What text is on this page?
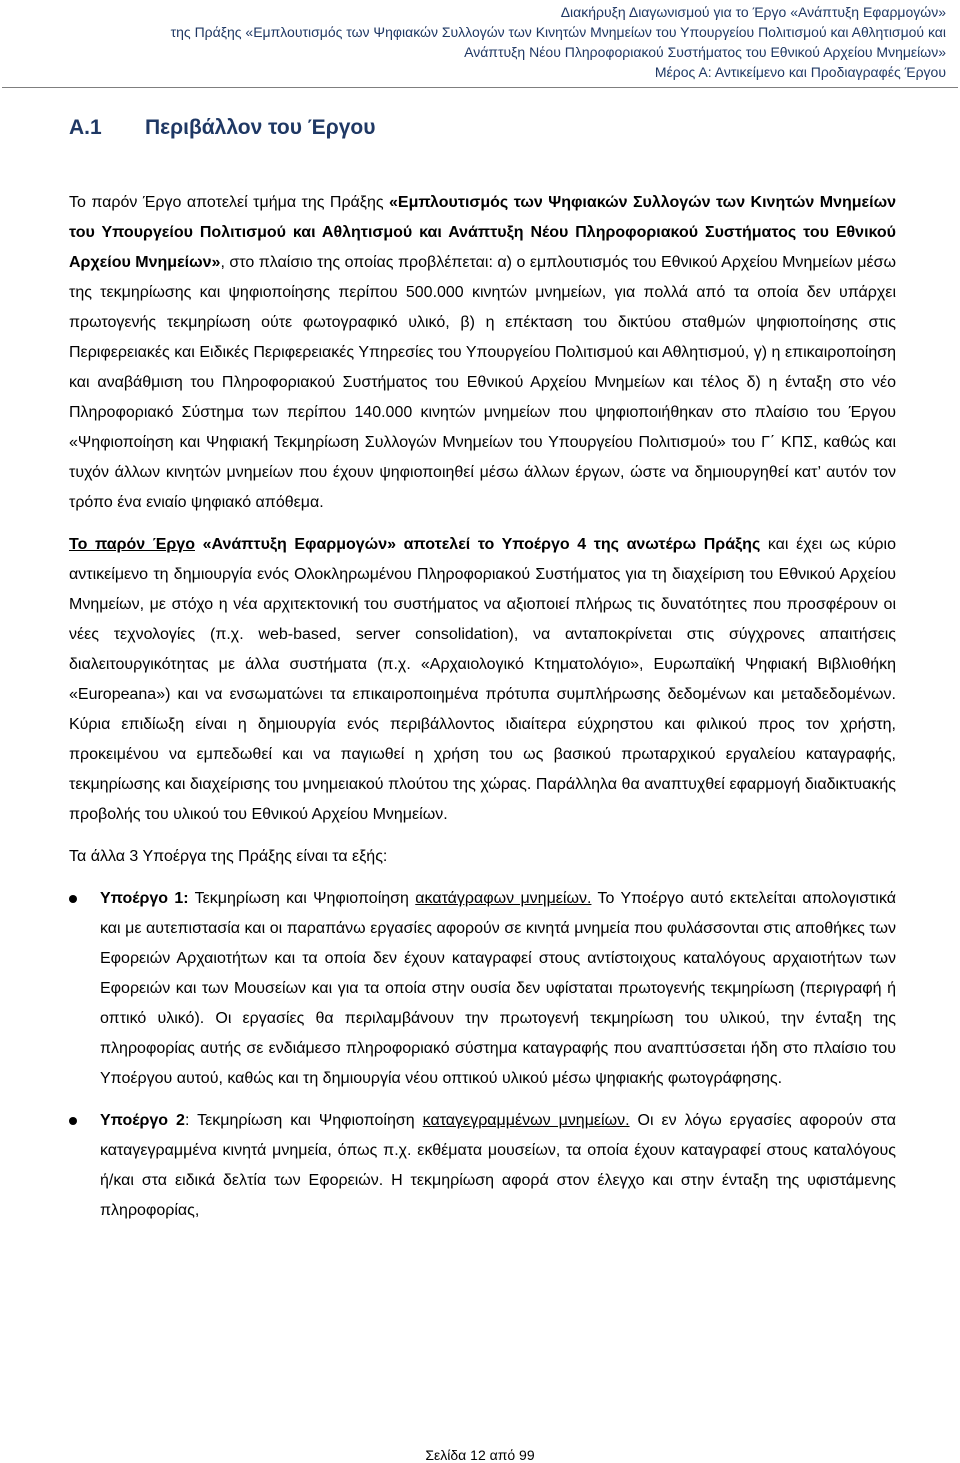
Διακήρυξη Διαγωνισμού για το Έργο «Ανάπτυξη Εφαρμογών»
της Πράξης «Εμπλουτισμός των Ψηφιακών Συλλογών των Κινητών Μνημείων του Υπουργείου Πολιτισμού και Αθλητισμού και
Ανάπτυξη Νέου Πληροφοριακού Συστήματος του Εθνικού Αρχείου Μνημείων»
Μέρος Α: Αντικείμενο και Προδιαγραφές Έργου
Α.1 Περιβάλλον του Έργου

Το παρόν Έργο αποτελεί τμήμα της Πράξης «Εμπλουτισμός των Ψηφιακών Συλλογών των Κινητών Μνημείων του Υπουργείου Πολιτισμού και Αθλητισμού και Ανάπτυξη Νέου Πληροφοριακού Συστήματος του Εθνικού Αρχείου Μνημείων», στο πλαίσιο της οποίας προβλέπεται: α) ο εμπλουτισμός του Εθνικού Αρχείου Μνημείων μέσω της τεκμηρίωσης και ψηφιοποίησης περίπου 500.000 κινητών μνημείων, για πολλά από τα οποία δεν υπάρχει πρωτογενής τεκμηρίωση ούτε φωτογραφικό υλικό, β) η επέκταση του δικτύου σταθμών ψηφιοποίησης στις Περιφερειακές και Ειδικές Περιφερειακές Υπηρεσίες του Υπουργείου Πολιτισμού και Αθλητισμού, γ) η επικαιροποίηση και αναβάθμιση του Πληροφοριακού Συστήματος του Εθνικού Αρχείου Μνημείων και τέλος δ) η ένταξη στο νέο Πληροφοριακό Σύστημα των περίπου 140.000 κινητών μνημείων που ψηφιοποιήθηκαν στο πλαίσιο του Έργου «Ψηφιοποίηση και Ψηφιακή Τεκμηρίωση Συλλογών Μνημείων του Υπουργείου Πολιτισμού» του Γ΄ ΚΠΣ, καθώς και τυχόν άλλων κινητών μνημείων που έχουν ψηφιοποιηθεί μέσω άλλων έργων, ώστε να δημιουργηθεί κατ’ αυτόν τον τρόπο ένα ενιαίο ψηφιακό απόθεμα.

Το παρόν Έργο «Ανάπτυξη Εφαρμογών» αποτελεί το Υποέργο 4 της ανωτέρω Πράξης και έχει ως κύριο αντικείμενο τη δημιουργία ενός Ολοκληρωμένου Πληροφοριακού Συστήματος για τη διαχείριση του Εθνικού Αρχείου Μνημείων, με στόχο η νέα αρχιτεκτονική του συστήματος να αξιοποιεί πλήρως τις δυνατότητες που προσφέρουν οι νέες τεχνολογίες (π.χ. web-based, server consolidation), να ανταποκρίνεται στις σύγχρονες απαιτήσεις διαλειτουργικότητας με άλλα συστήματα (π.χ. «Αρχαιολογικό Κτηματολόγιο», Ευρωπαϊκή Ψηφιακή Βιβλιοθήκη «Europeana») και να ενσωματώνει τα επικαιροποιημένα πρότυπα συμπλήρωσης δεδομένων και μεταδεδομένων. Κύρια επιδίωξη είναι η δημιουργία ενός περιβάλλοντος ιδιαίτερα εύχρηστου και φιλικού προς τον χρήστη, προκειμένου να εμπεδωθεί και να παγιωθεί η χρήση του ως βασικού πρωταρχικού εργαλείου καταγραφής, τεκμηρίωσης και διαχείρισης του μνημειακού πλούτου της χώρας. Παράλληλα θα αναπτυχθεί εφαρμογή διαδικτυακής προβολής του υλικού του Εθνικού Αρχείου Μνημείων.

Τα άλλα 3 Υποέργα της Πράξης είναι τα εξής:

Υποέργο 1: Τεκμηρίωση και Ψηφιοποίηση ακατάγραφων μνημείων. Το Υποέργο αυτό εκτελείται απολογιστικά και με αυτεπιστασία και οι παραπάνω εργασίες αφορούν σε κινητά μνημεία που φυλάσσονται στις αποθήκες των Εφορειών Αρχαιοτήτων και τα οποία δεν έχουν καταγραφεί στους αντίστοιχους καταλόγους αρχαιοτήτων των Εφορειών και των Μουσείων και για τα οποία στην ουσία δεν υφίσταται πρωτογενής τεκμηρίωση (περιγραφή ή οπτικό υλικό). Οι εργασίες θα περιλαμβάνουν την πρωτογενή τεκμηρίωση του υλικού, την ένταξη της πληροφορίας αυτής σε ενδιάμεσο πληροφοριακό σύστημα καταγραφής που αναπτύσσεται ήδη στο πλαίσιο του Υποέργου αυτού, καθώς και τη δημιουργία νέου οπτικού υλικού μέσω ψηφιακής φωτογράφησης.
Υποέργο 2: Τεκμηρίωση και Ψηφιοποίηση καταγεγραμμένων μνημείων. Οι εν λόγω εργασίες αφορούν στα καταγεγραμμένα κινητά μνημεία, όπως π.χ. εκθέματα μουσείων, τα οποία έχουν καταγραφεί στους καταλόγους ή/και στα ειδικά δελτία των Εφορειών. Η τεκμηρίωση αφορά στον έλεγχο και στην ένταξη της υφιστάμενης πληροφορίας,
Σελίδα 12 από 99
